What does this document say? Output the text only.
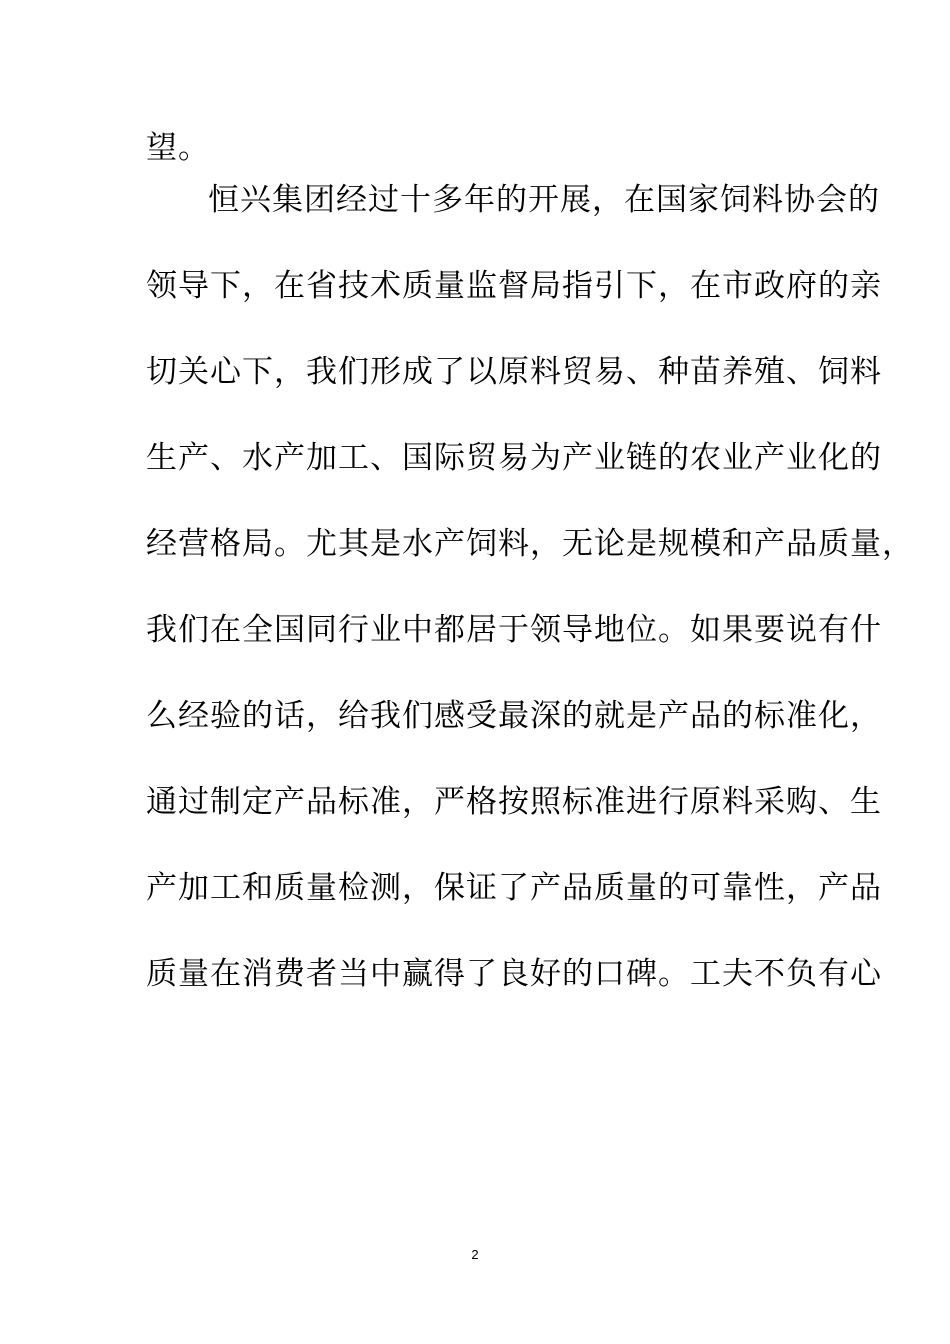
望。
恒兴集团经过十多年的开展，在国家饲料协会的
领导下，在省技术质量监督局指引下，在市政府的亲
切关心下，我们形成了以原料贸易、种苗养殖、饲料
生产、水产加工、国际贸易为产业链的农业产业化的
经营格局。尤其是水产饲料，无论是规模和产品质量，
我们在全国同行业中都居于领导地位。如果要说有什
么经验的话，给我们感受最深的就是产品的标准化，
通过制定产品标准，严格按照标准进行原料采购、生
产加工和质量检测，保证了产品质量的可靠性，产品
质量在消费者当中赢得了良好的口碑。工夫不负有心
2
